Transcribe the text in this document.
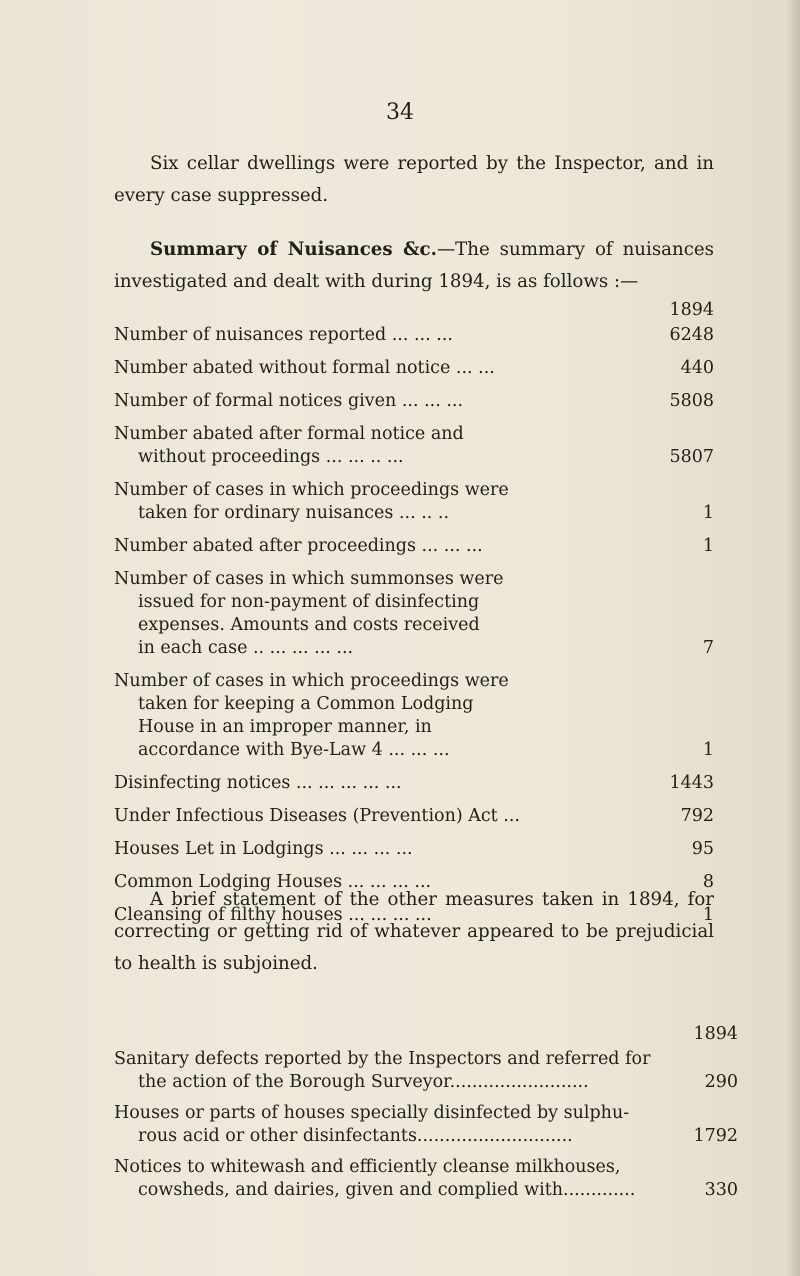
34

Six cellar dwellings were reported by the Inspector, and in every case suppressed.

Summary of Nuisances &c.—The summary of nuisances investigated and dealt with during 1894, is as follows :—

1894
Number of nuisances reported ... ... ...	6248
Number abated without formal notice ... ...	440
Number of formal notices given ... ... ...	5808
Number abated after formal notice and
without proceedings ... ... .. ...	5807
Number of cases in which proceedings were
taken for ordinary nuisances ... .. ..	1
Number abated after proceedings ... ... ...	1
Number of cases in which summonses were
issued for non-payment of disinfecting
expenses. Amounts and costs received
in each case .. ... ... ... ...	7
Number of cases in which proceedings were
taken for keeping a Common Lodging
House in an improper manner, in
accordance with Bye-Law 4 ... ... ...	1
Disinfecting notices ... ... ... ... ...	1443
Under Infectious Diseases (Prevention) Act ...	792
Houses Let in Lodgings ... ... ... ...	95
Common Lodging Houses ... ... ... ...	8
Cleansing of filthy houses ... ... ... ...	1

A brief statement of the other measures taken in 1894, for correcting or getting rid of whatever appeared to be prejudicial to health is subjoined.

1894
Sanitary defects reported by the Inspectors and referred for
the action of the Borough Surveyor.........................	290
Houses or parts of houses specially disinfected by sulphu-
rous acid or other disinfectants............................	1792
Notices to whitewash and efficiently cleanse milkhouses,
cowsheds, and dairies, given and complied with.............	330
